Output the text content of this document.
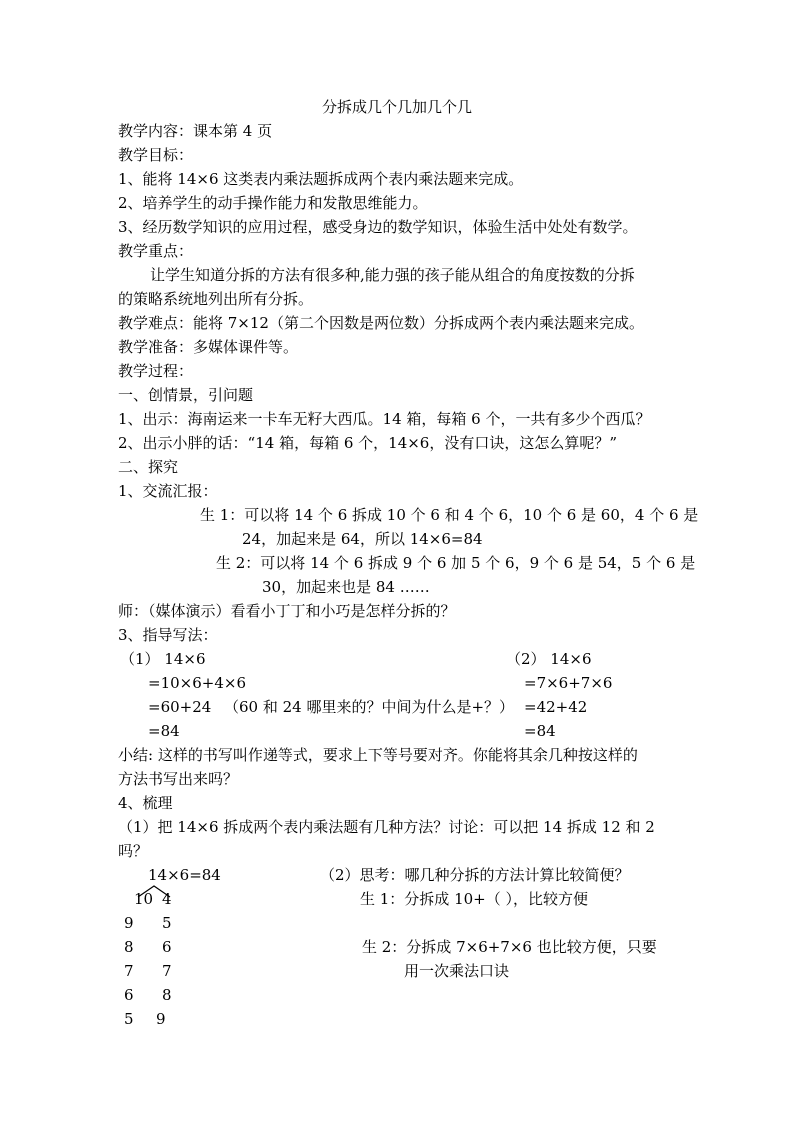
分拆成几个几加几个几
教学内容：课本第 4 页
教学目标：
1、能将 14×6 这类表内乘法题拆成两个表内乘法题来完成。
2、培养学生的动手操作能力和发散思维能力。
3、经历数学知识的应用过程，感受身边的数学知识，体验生活中处处有数学。
教学重点：
让学生知道分拆的方法有很多种,能力强的孩子能从组合的角度按数的分拆
的策略系统地列出所有分拆。
教学难点：能将 7×12（第二个因数是两位数）分拆成两个表内乘法题来完成。
教学准备：多媒体课件等。
教学过程：
一、创情景，引问题
1、出示：海南运来一卡车无籽大西瓜。14 箱，每箱 6 个，一共有多少个西瓜？
2、出示小胖的话：“14 箱，每箱 6 个，14×6，没有口诀，这怎么算呢？”
二、探究
1、交流汇报：
生 1：可以将 14 个 6 拆成 10 个 6 和 4 个 6，10 个 6 是 60，4 个 6 是
24，加起来是 64，所以 14×6=84
生 2：可以将 14 个 6 拆成 9 个 6 加 5 个 6，9 个 6 是 54，5 个 6 是
30，加起来也是 84 ……
师：（媒体演示）看看小丁丁和小巧是怎样分拆的？
3、指导写法：
（1） 14×6
=10×6+4×6
=60+24 （60 和 24 哪里来的？中间为什么是+？）
=84
（2） 14×6
=7×6+7×6
=42+42
=84
小结: 这样的书写叫作递等式，要求上下等号要对齐。你能将其余几种按这样的
方法书写出来吗？
4、梳理
（1）把 14×6 拆成两个表内乘法题有几种方法？讨论：可以把 14 拆成 12 和 2
吗？
14×6=84
10 4
9 5
8 6
7 7
6 8
5 9
（2）思考：哪几种分拆的方法计算比较简便？
生 1：分拆成 10+（ ），比较方便
生 2：分拆成 7×6+7×6 也比较方便，只要
用一次乘法口诀
